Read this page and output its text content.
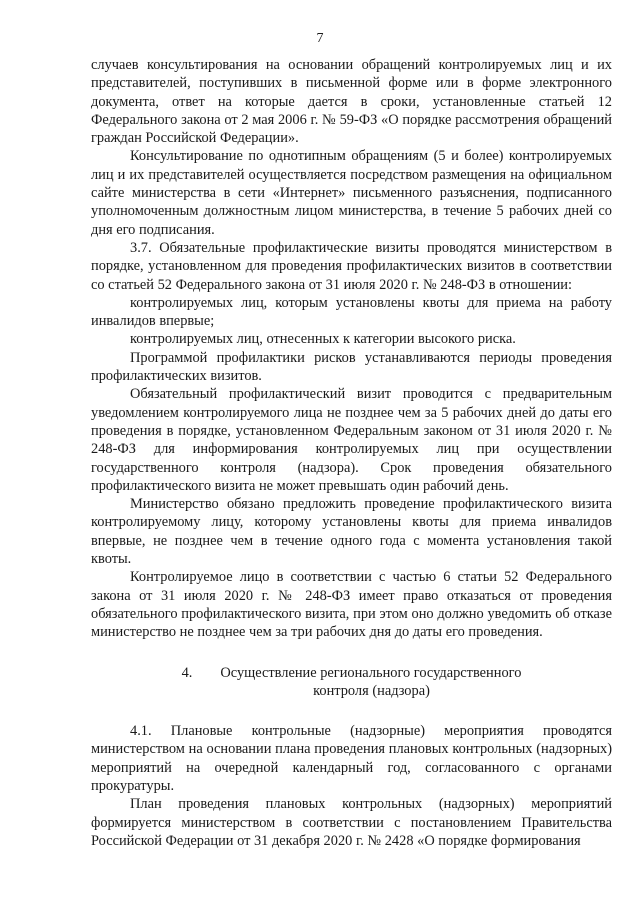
7

случаев консультирования на основании обращений контролируемых лиц и их представителей, поступивших в письменной форме или в форме электронного документа, ответ на которые дается в сроки, установленные статьей 12 Федерального закона от 2 мая 2006 г. № 59-ФЗ «О порядке рассмотрения обращений граждан Российской Федерации».

Консультирование по однотипным обращениям (5 и более) контролируемых лиц и их представителей осуществляется посредством размещения на официальном сайте министерства в сети «Интернет» письменного разъяснения, подписанного уполномоченным должностным лицом министерства, в течение 5 рабочих дней со дня его подписания.

3.7. Обязательные профилактические визиты проводятся министерством в порядке, установленном для проведения профилактических визитов в соответствии со статьей 52 Федерального закона от 31 июля 2020 г. № 248-ФЗ в отношении:

контролируемых лиц, которым установлены квоты для приема на работу инвалидов впервые;

контролируемых лиц, отнесенных к категории высокого риска.

Программой профилактики рисков устанавливаются периоды проведения профилактических визитов.

Обязательный профилактический визит проводится с предварительным уведомлением контролируемого лица не позднее чем за 5 рабочих дней до даты его проведения в порядке, установленном Федеральным законом от 31 июля 2020 г. № 248-ФЗ для информирования контролируемых лиц при осуществлении государственного контроля (надзора). Срок проведения обязательного профилактического визита не может превышать один рабочий день.

Министерство обязано предложить проведение профилактического визита контролируемому лицу, которому установлены квоты для приема инвалидов впервые, не позднее чем в течение одного года с момента установления такой квоты.

Контролируемое лицо в соответствии с частью 6 статьи 52 Федерального закона от 31 июля 2020 г. № 248-ФЗ имеет право отказаться от проведения обязательного профилактического визита, при этом оно должно уведомить об отказе министерство не позднее чем за три рабочих дня до даты его проведения.

4. Осуществление регионального государственного
контроля (надзора)

4.1. Плановые контрольные (надзорные) мероприятия проводятся министерством на основании плана проведения плановых контрольных (надзорных) мероприятий на очередной календарный год, согласованного с органами прокуратуры.

План проведения плановых контрольных (надзорных) мероприятий формируется министерством в соответствии с постановлением Правительства Российской Федерации от 31 декабря 2020 г. № 2428 «О порядке формирования
